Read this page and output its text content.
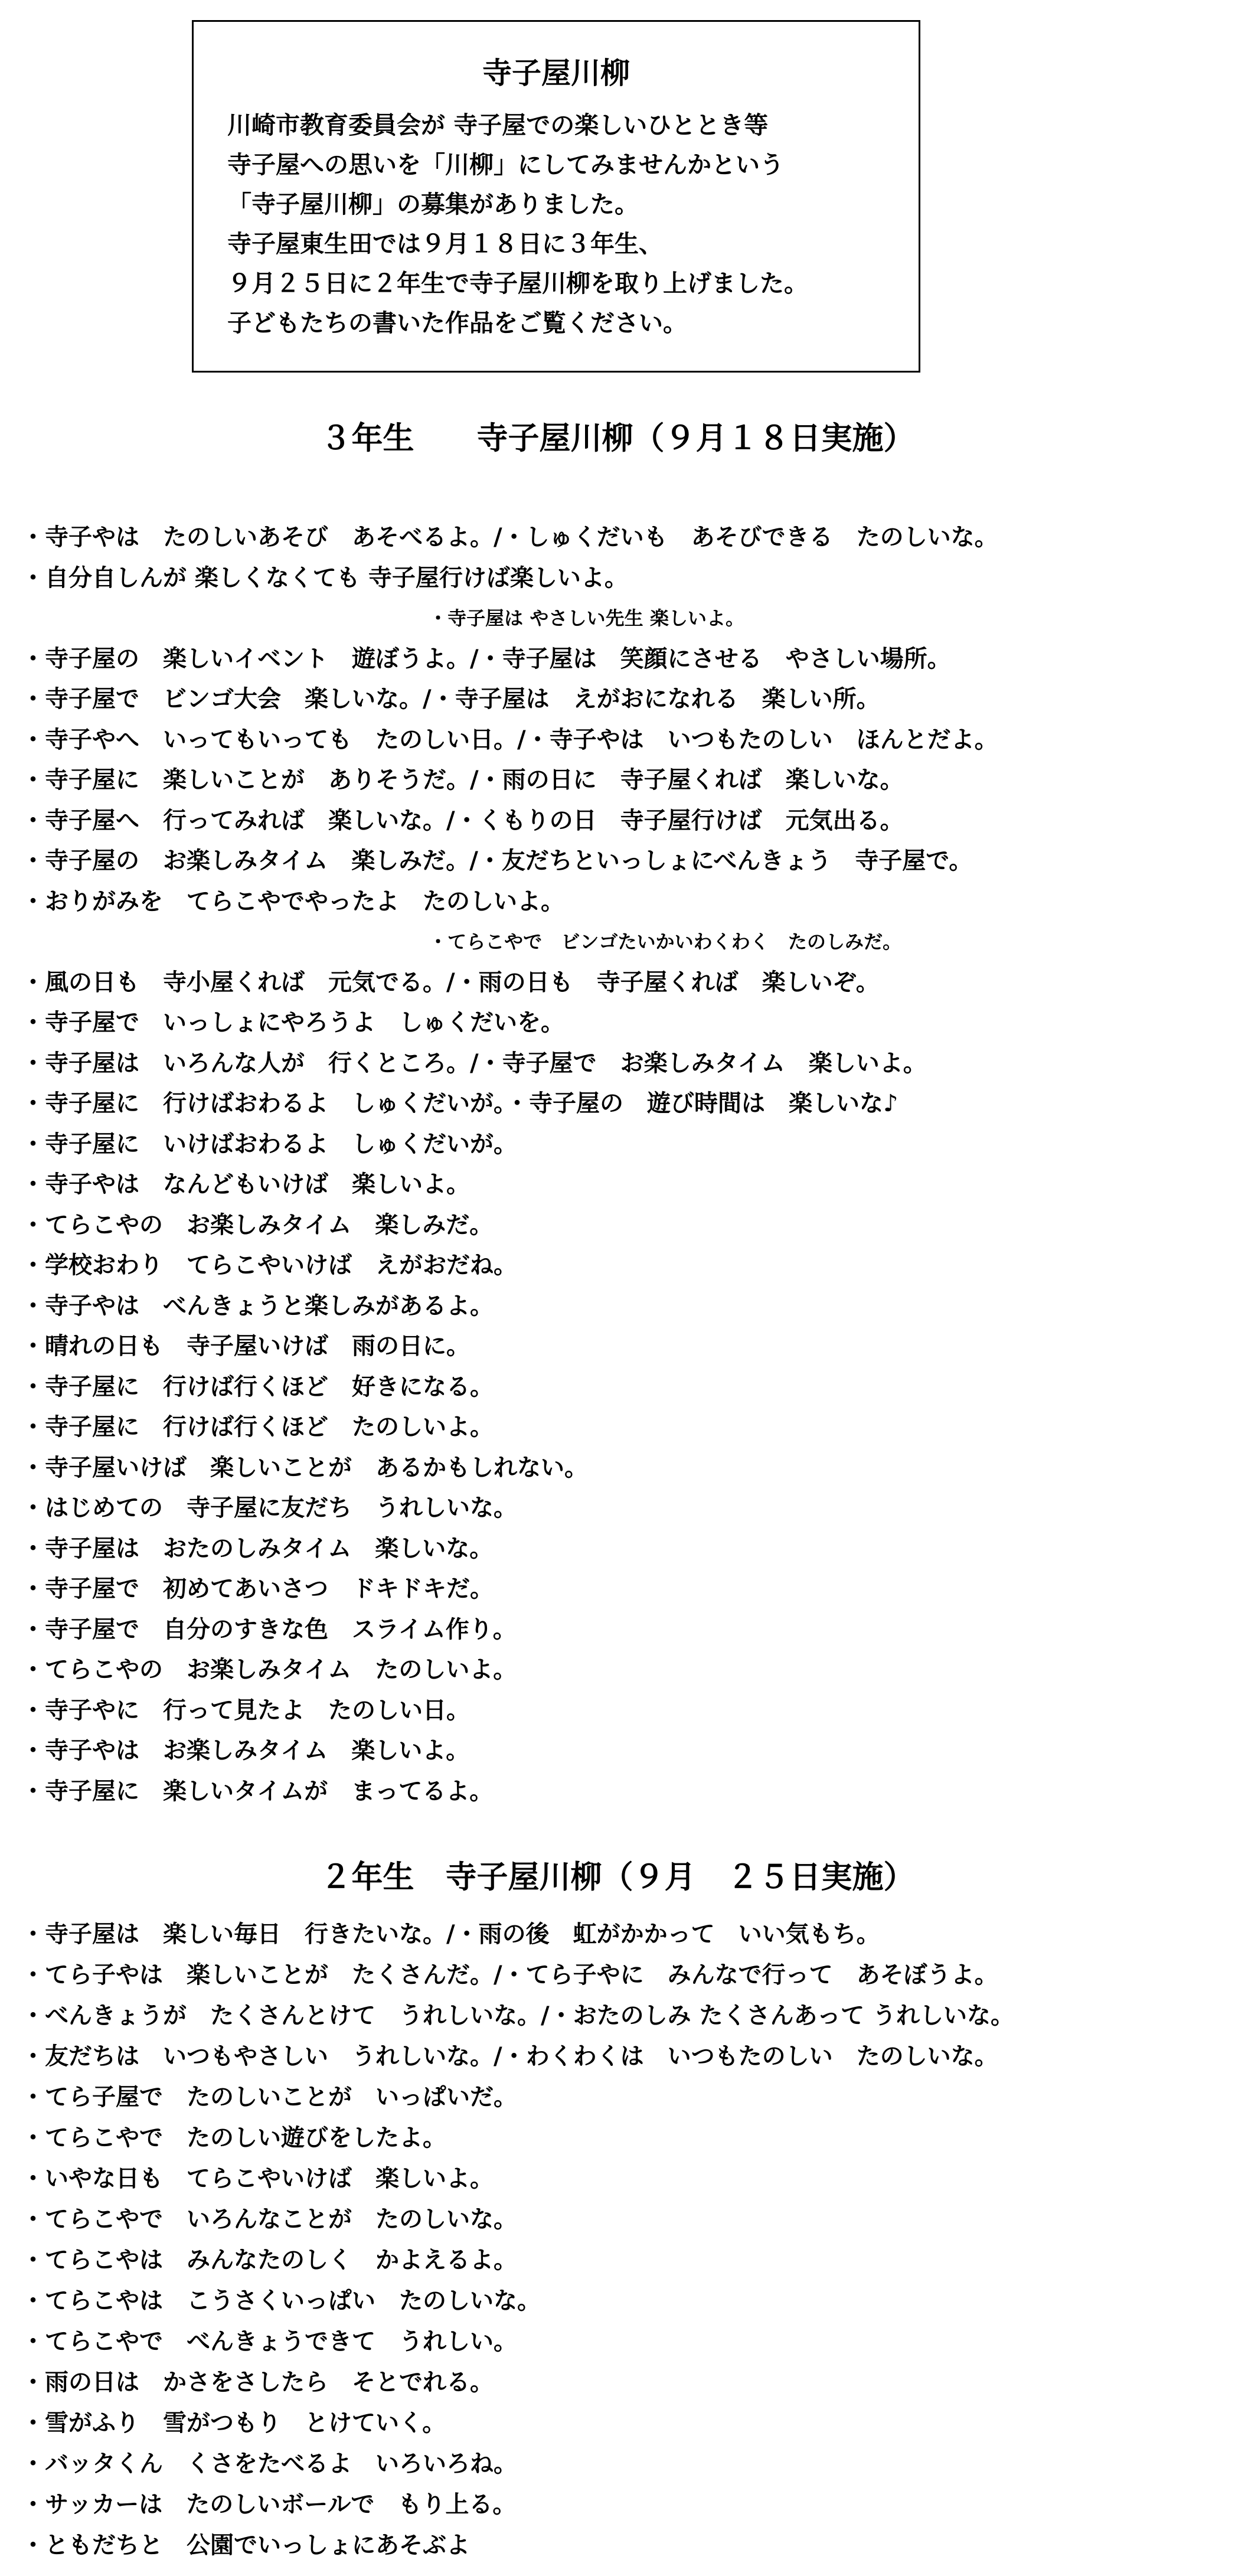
寺子屋川柳
川崎市教育委員会が 寺子屋での楽しいひととき等
寺子屋への思いを「川柳」にしてみませんかという
「寺子屋川柳」の募集がありました。
寺子屋東生田では９月１８日に３年生、
９月２５日に２年生で寺子屋川柳を取り上げました。
子どもたちの書いた作品をご覧ください。
３年生　　寺子屋川柳（９月１８日実施）
・寺子やは　たのしいあそび　あそべるよ。/・しゅくだいも　あそびできる　たのしいな。
・自分自しんが 楽しくなくても 寺子屋行けば楽しいよ。
・寺子屋は やさしい先生 楽しいよ。
・寺子屋の　楽しいイベント　遊ぼうよ。/・寺子屋は　笑顔にさせる　やさしい場所。
・寺子屋で　ビンゴ大会　楽しいな。/・寺子屋は　えがおになれる　楽しい所。
・寺子やへ　いってもいっても　たのしい日。/・寺子やは　いつもたのしい　ほんとだよ。
・寺子屋に　楽しいことが　ありそうだ。/・雨の日に　寺子屋くれば　楽しいな。
・寺子屋へ　行ってみれば　楽しいな。/・くもりの日　寺子屋行けば　元気出る。
・寺子屋の　お楽しみタイム　楽しみだ。/・友だちといっしょにべんきょう　寺子屋で。
・おりがみを　てらこやでやったよ　たのしいよ。
・てらこやで　ビンゴたいかいわくわく　たのしみだ。
・風の日も　寺小屋くれば　元気でる。/・雨の日も　寺子屋くれば　楽しいぞ。
・寺子屋で　いっしょにやろうよ　しゅくだいを。
・寺子屋は　いろんな人が　行くところ。/・寺子屋で　お楽しみタイム　楽しいよ。
・寺子屋に　行けばおわるよ　しゅくだいが。・寺子屋の　遊び時間は　楽しいな♪
・寺子屋に　いけばおわるよ　しゅくだいが。
・寺子やは　なんどもいけば　楽しいよ。
・てらこやの　お楽しみタイム　楽しみだ。
・学校おわり　てらこやいけば　えがおだね。
・寺子やは　べんきょうと楽しみがあるよ。
・晴れの日も　寺子屋いけば　雨の日に。
・寺子屋に　行けば行くほど　好きになる。
・寺子屋に　行けば行くほど　たのしいよ。
・寺子屋いけば　楽しいことが　あるかもしれない。
・はじめての　寺子屋に友だち　うれしいな。
・寺子屋は　おたのしみタイム　楽しいな。
・寺子屋で　初めてあいさつ　ドキドキだ。
・寺子屋で　自分のすきな色　スライム作り。
・てらこやの　お楽しみタイム　たのしいよ。
・寺子やに　行って見たよ　たのしい日。
・寺子やは　お楽しみタイム　楽しいよ。
・寺子屋に　楽しいタイムが　まってるよ。
２年生　寺子屋川柳（９月　２５日実施）
・寺子屋は　楽しい毎日　行きたいな。/・雨の後　虹がかかって　いい気もち。
・てら子やは　楽しいことが　たくさんだ。/・てら子やに　みんなで行って　あそぼうよ。
・べんきょうが　たくさんとけて　うれしいな。/・おたのしみ たくさんあって うれしいな。
・友だちは　いつもやさしい　うれしいな。/・わくわくは　いつもたのしい　たのしいな。
・てら子屋で　たのしいことが　いっぱいだ。
・てらこやで　たのしい遊びをしたよ。
・いやな日も　てらこやいけば　楽しいよ。
・てらこやで　いろんなことが　たのしいな。
・てらこやは　みんなたのしく　かよえるよ。
・てらこやは　こうさくいっぱい　たのしいな。
・てらこやで　べんきょうできて　うれしい。
・雨の日は　かさをさしたら　そとでれる。
・雪がふり　雪がつもり　とけていく。
・バッタくん　くさをたべるよ　いろいろね。
・サッカーは　たのしいボールで　もり上る。
・ともだちと　公園でいっしょにあそぶよ
